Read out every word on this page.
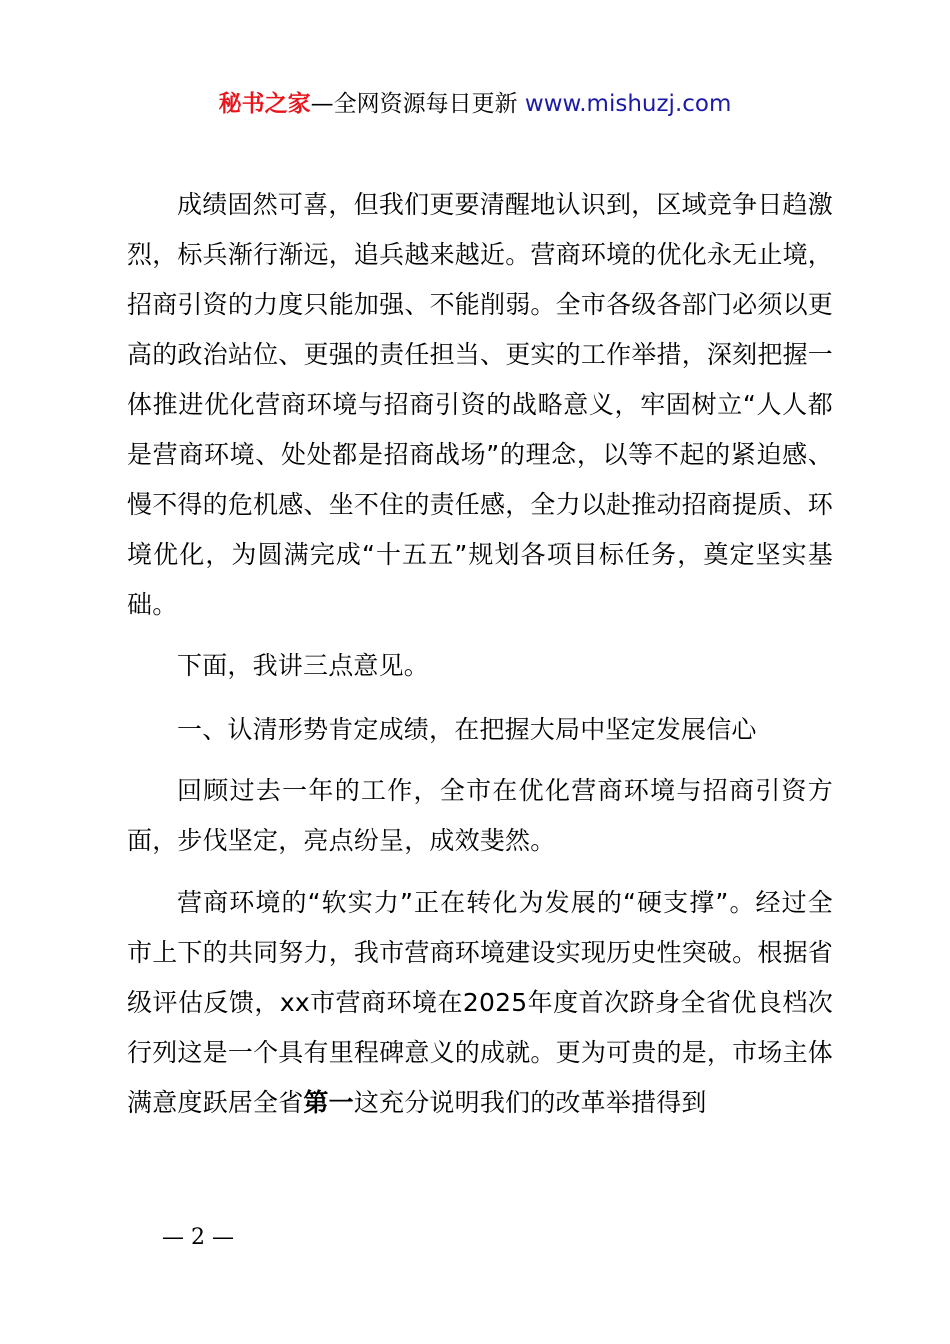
秘书之家—全网资源每日更新 www.mishuzj.com

成绩固然可喜，但我们更要清醒地认识到，区域竞争日趋激烈，标兵渐行渐远，追兵越来越近。营商环境的优化永无止境，招商引资的力度只能加强、不能削弱。全市各级各部门必须以更高的政治站位、更强的责任担当、更实的工作举措，深刻把握一体推进优化营商环境与招商引资的战略意义，牢固树立“人人都是营商环境、处处都是招商战场”的理念，以等不起的紧迫感、慢不得的危机感、坐不住的责任感，全力以赴推动招商提质、环境优化，为圆满完成“十五五”规划各项目标任务，奠定坚实基础。

下面，我讲三点意见。

一、认清形势肯定成绩，在把握大局中坚定发展信心

回顾过去一年的工作，全市在优化营商环境与招商引资方面，步伐坚定，亮点纷呈，成效斐然。

营商环境的“软实力”正在转化为发展的“硬支撑”。经过全市上下的共同努力，我市营商环境建设实现历史性突破。根据省级评估反馈，xx市营商环境在2025年度首次跻身全省优良档次行列这是一个具有里程碑意义的成就。更为可贵的是，市场主体满意度跃居全省第一这充分说明我们的改革举措得到

— 2 —
